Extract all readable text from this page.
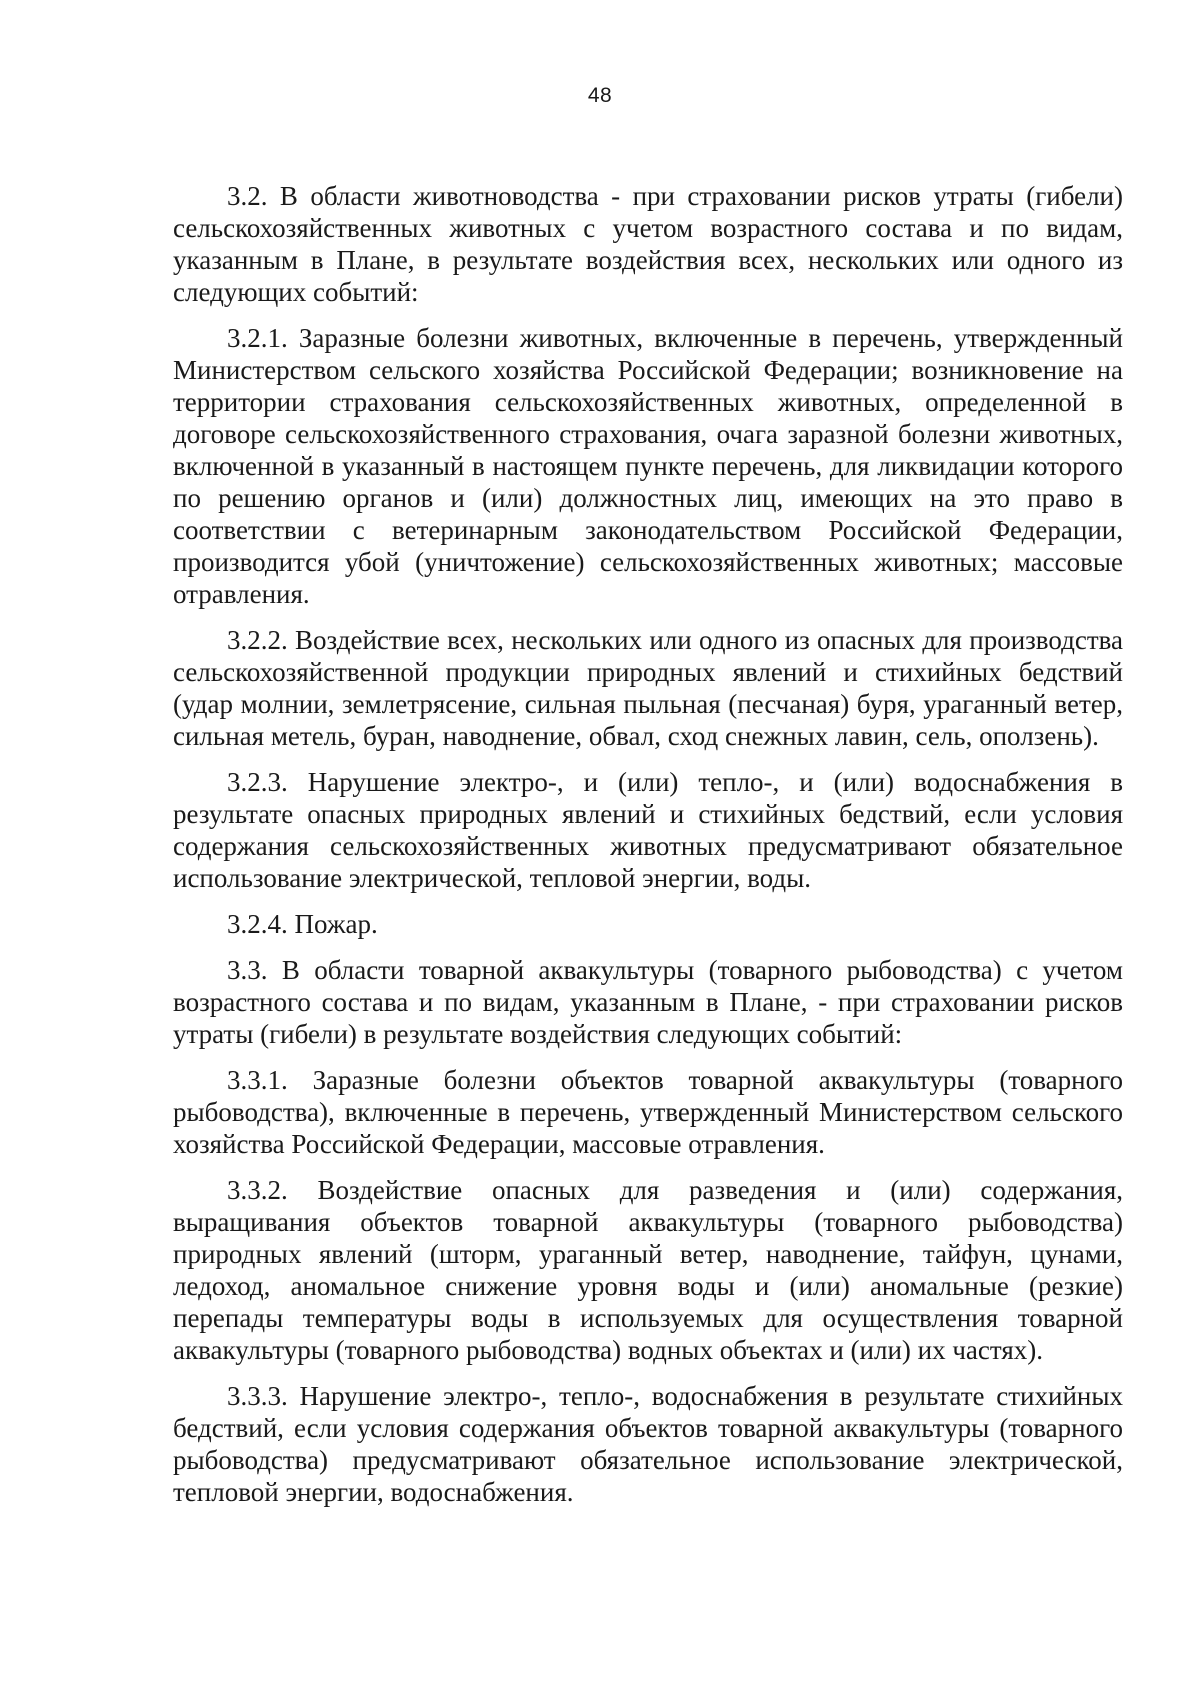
48

3.2. В области животноводства - при страховании рисков утраты (гибели) сельскохозяйственных животных с учетом возрастного состава и по видам, указанным в Плане, в результате воздействия всех, нескольких или одного из следующих событий:

3.2.1. Заразные болезни животных, включенные в перечень, утвержденный Министерством сельского хозяйства Российской Федерации; возникновение на территории страхования сельскохозяйственных животных, определенной в договоре сельскохозяйственного страхования, очага заразной болезни животных, включенной в указанный в настоящем пункте перечень, для ликвидации которого по решению органов и (или) должностных лиц, имеющих на это право в соответствии с ветеринарным законодательством Российской Федерации, производится убой (уничтожение) сельскохозяйственных животных; массовые отравления.

3.2.2. Воздействие всех, нескольких или одного из опасных для производства сельскохозяйственной продукции природных явлений и стихийных бедствий (удар молнии, землетрясение, сильная пыльная (песчаная) буря, ураганный ветер, сильная метель, буран, наводнение, обвал, сход снежных лавин, сель, оползень).

3.2.3. Нарушение электро-, и (или) тепло-, и (или) водоснабжения в результате опасных природных явлений и стихийных бедствий, если условия содержания сельскохозяйственных животных предусматривают обязательное использование электрической, тепловой энергии, воды.

3.2.4. Пожар.

3.3. В области товарной аквакультуры (товарного рыбоводства) с учетом возрастного состава и по видам, указанным в Плане, - при страховании рисков утраты (гибели) в результате воздействия следующих событий:

3.3.1. Заразные болезни объектов товарной аквакультуры (товарного рыбоводства), включенные в перечень, утвержденный Министерством сельского хозяйства Российской Федерации, массовые отравления.

3.3.2. Воздействие опасных для разведения и (или) содержания, выращивания объектов товарной аквакультуры (товарного рыбоводства) природных явлений (шторм, ураганный ветер, наводнение, тайфун, цунами, ледоход, аномальное снижение уровня воды и (или) аномальные (резкие) перепады температуры воды в используемых для осуществления товарной аквакультуры (товарного рыбоводства) водных объектах и (или) их частях).

3.3.3. Нарушение электро-, тепло-, водоснабжения в результате стихийных бедствий, если условия содержания объектов товарной аквакультуры (товарного рыбоводства) предусматривают обязательное использование электрической, тепловой энергии, водоснабжения.
